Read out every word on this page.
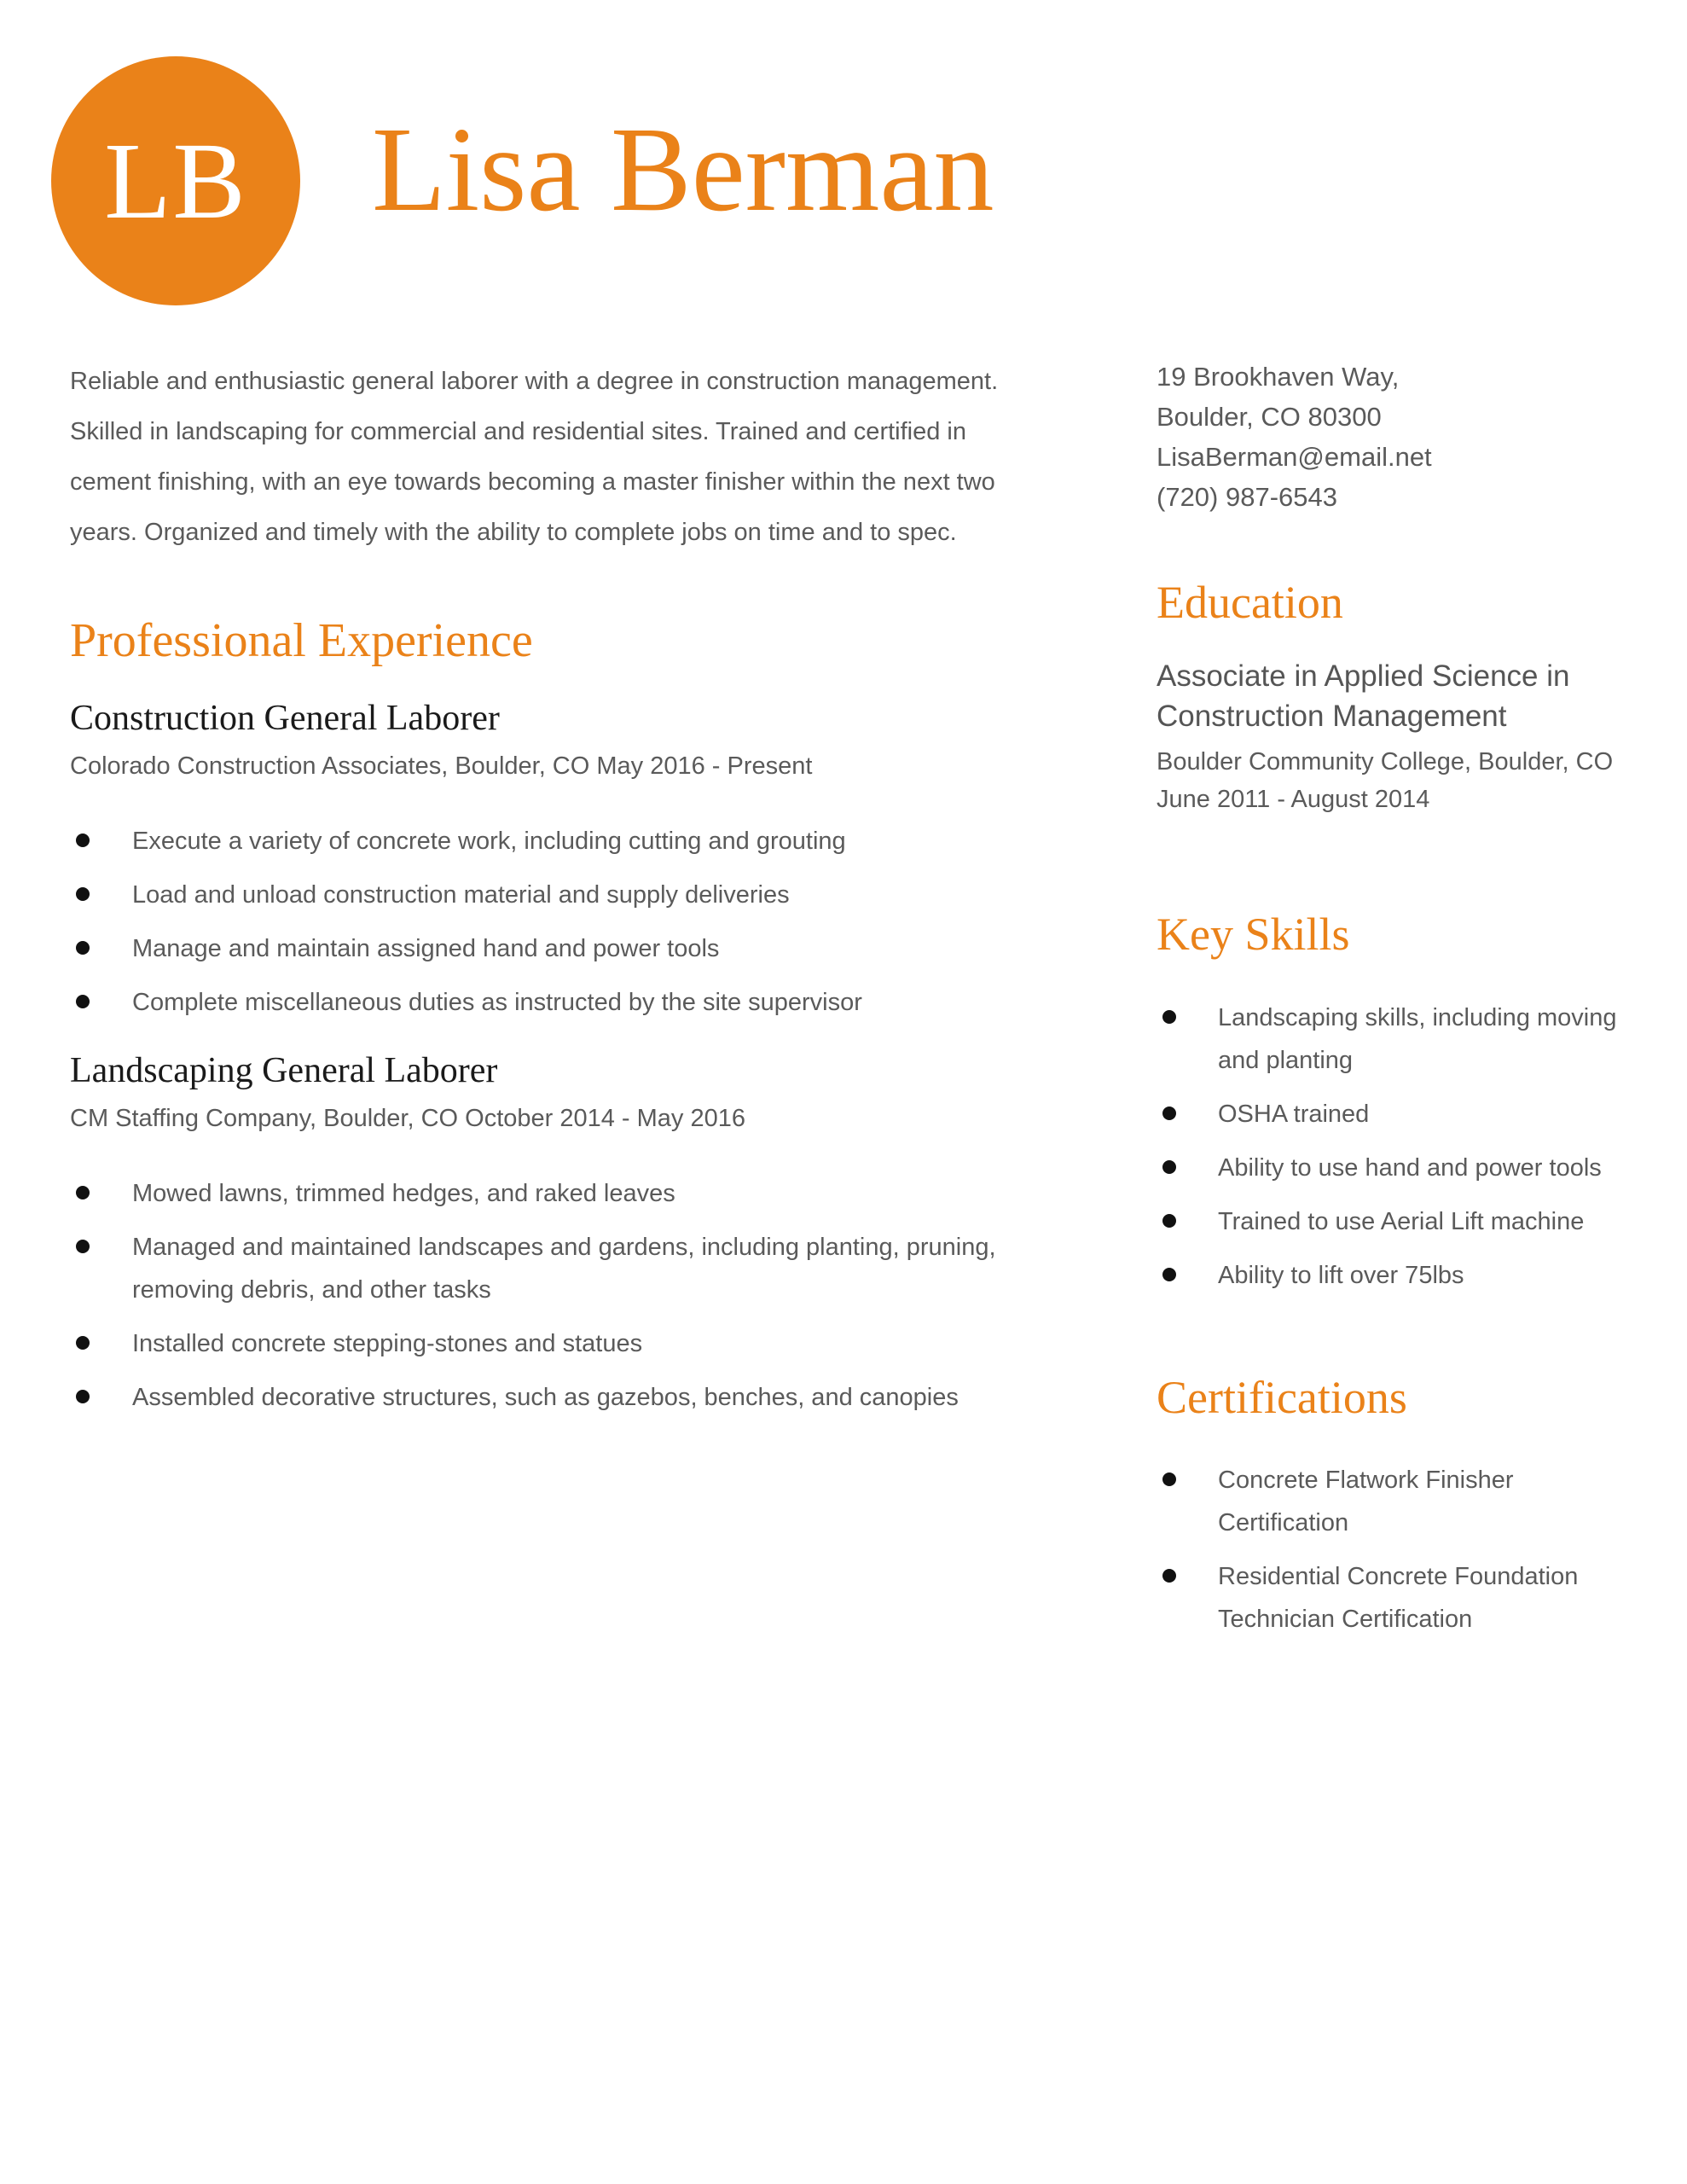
LB Lisa Berman

Reliable and enthusiastic general laborer with a degree in construction management. Skilled in landscaping for commercial and residential sites. Trained and certified in cement finishing, with an eye towards becoming a master finisher within the next two years. Organized and timely with the ability to complete jobs on time and to spec.

Professional Experience
Construction General Laborer
Colorado Construction Associates, Boulder, CO May 2016 - Present
Execute a variety of concrete work, including cutting and grouting
Load and unload construction material and supply deliveries
Manage and maintain assigned hand and power tools
Complete miscellaneous duties as instructed by the site supervisor
Landscaping General Laborer
CM Staffing Company, Boulder, CO October 2014 - May 2016
Mowed lawns, trimmed hedges, and raked leaves
Managed and maintained landscapes and gardens, including planting, pruning, removing debris, and other tasks
Installed concrete stepping-stones and statues
Assembled decorative structures, such as gazebos, benches, and canopies
19 Brookhaven Way,
Boulder, CO 80300
LisaBerman@email.net
(720) 987-6543
Education
Associate in Applied Science in Construction Management
Boulder Community College, Boulder, CO
June 2011 - August 2014
Key Skills
Landscaping skills, including moving and planting
OSHA trained
Ability to use hand and power tools
Trained to use Aerial Lift machine
Ability to lift over 75lbs
Certifications
Concrete Flatwork Finisher Certification
Residential Concrete Foundation Technician Certification
